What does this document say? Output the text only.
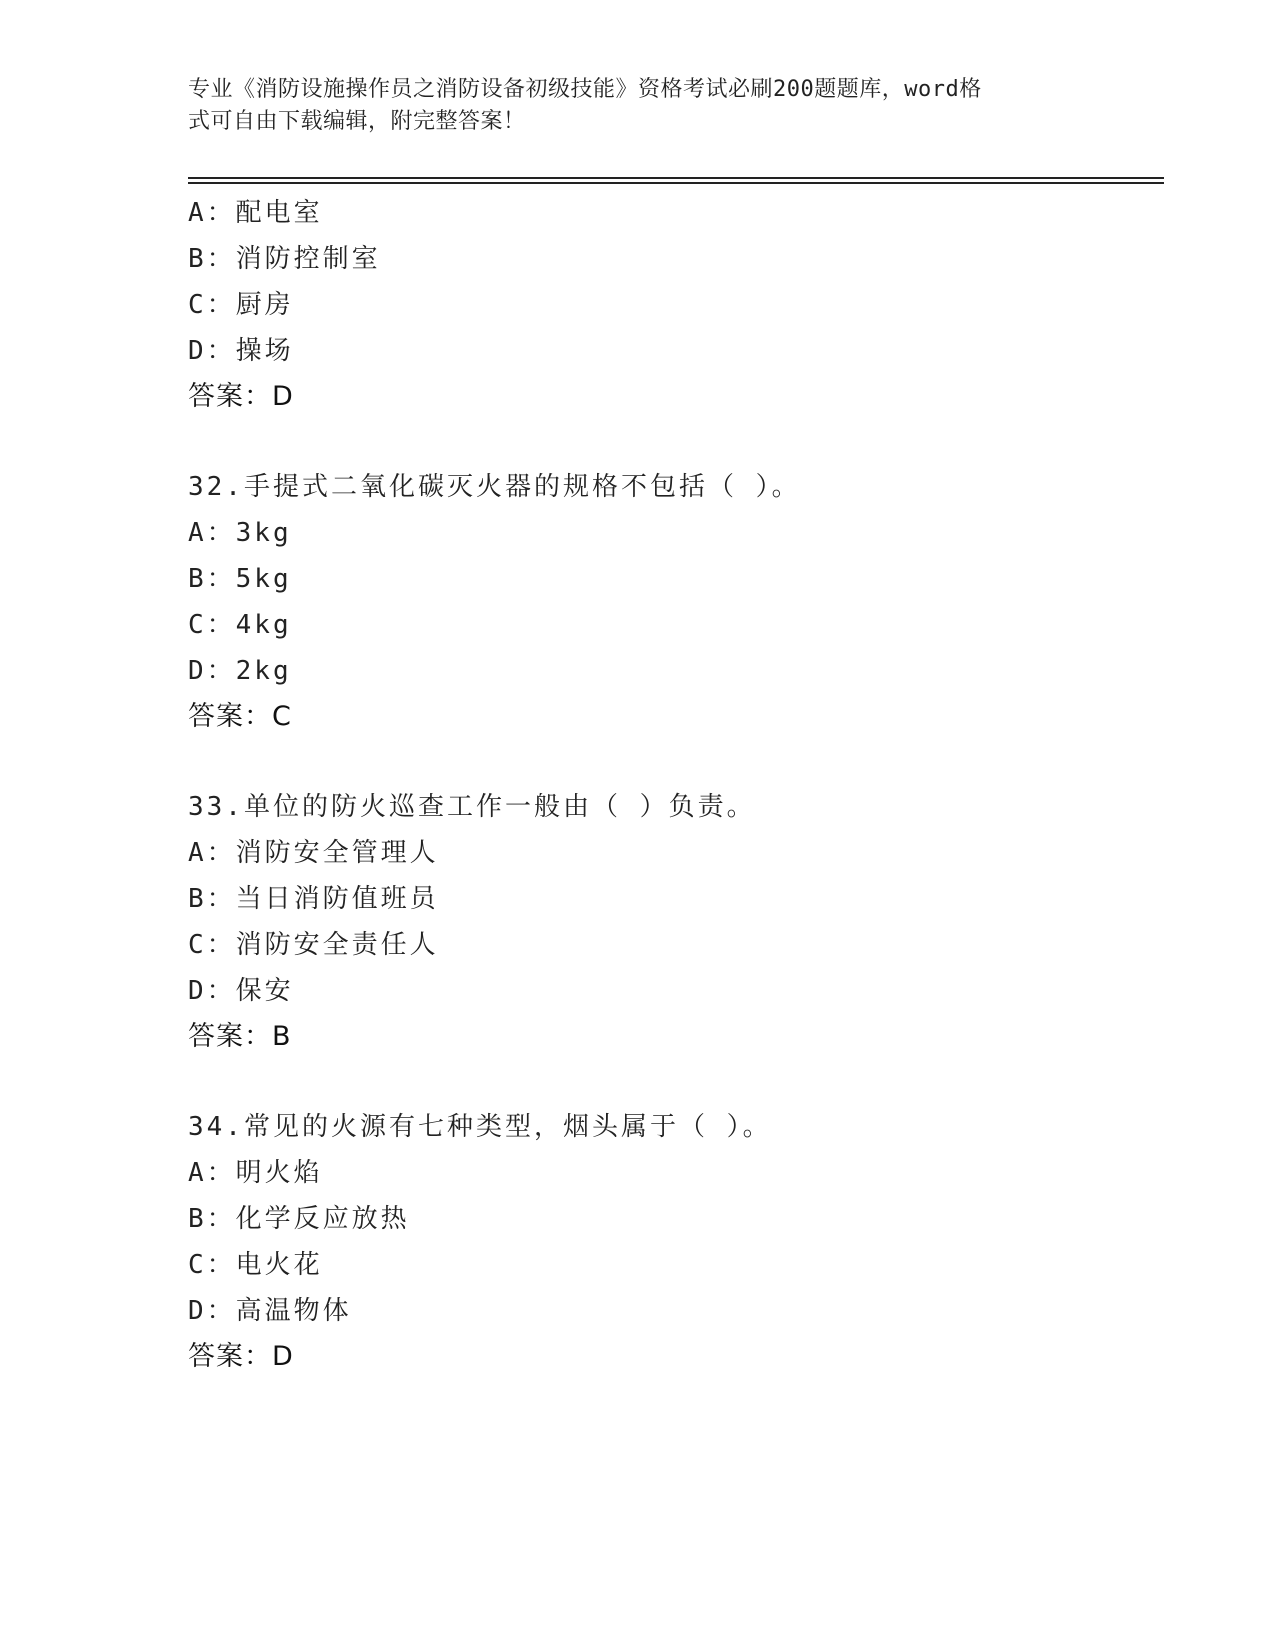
专业《消防设施操作员之消防设备初级技能》资格考试必刷200题题库，word格
式可自由下载编辑，附完整答案！
A：配电室
B：消防控制室
C：厨房
D：操场
答案：D
32.手提式二氧化碳灭火器的规格不包括（ ）。
A：3kg
B：5kg
C：4kg
D：2kg
答案：C
33.单位的防火巡查工作一般由（ ）负责。
A：消防安全管理人
B：当日消防值班员
C：消防安全责任人
D：保安
答案：B
34.常见的火源有七种类型，烟头属于（ ）。
A：明火焰
B：化学反应放热
C：电火花
D：高温物体
答案：D
